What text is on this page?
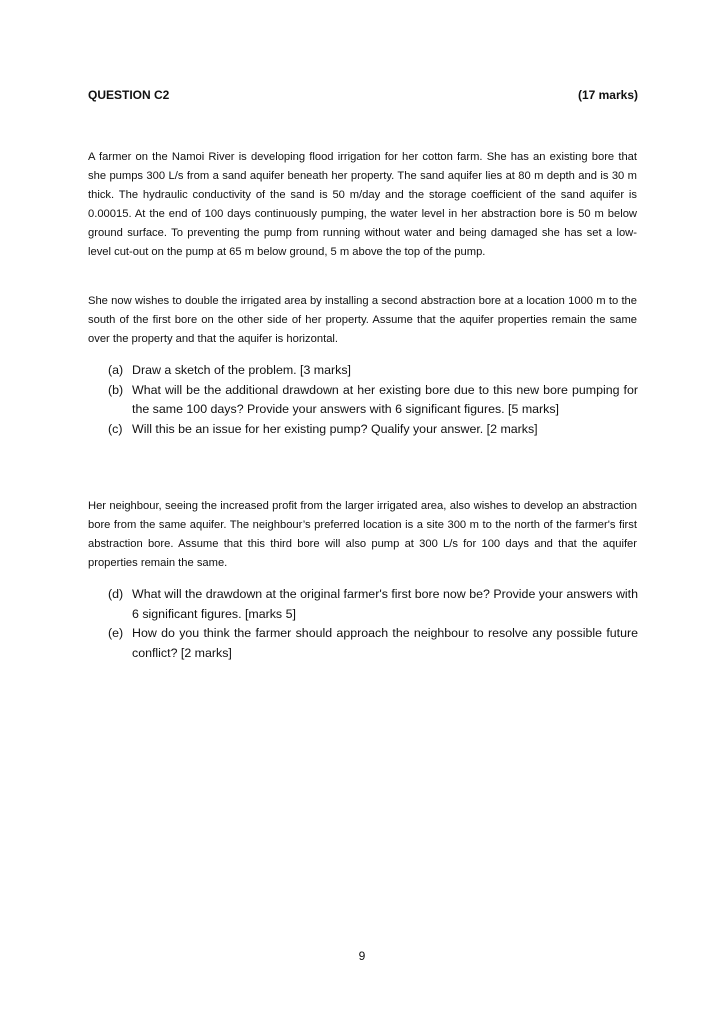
QUESTION C2	(17 marks)

A farmer on the Namoi River is developing flood irrigation for her cotton farm. She has an existing bore that she pumps 300 L/s from a sand aquifer beneath her property. The sand aquifer lies at 80 m depth and is 30 m thick. The hydraulic conductivity of the sand is 50 m/day and the storage coefficient of the sand aquifer is 0.00015. At the end of 100 days continuously pumping, the water level in her abstraction bore is 50 m below ground surface. To preventing the pump from running without water and being damaged she has set a low-level cut-out on the pump at 65 m below ground, 5 m above the top of the pump.

She now wishes to double the irrigated area by installing a second abstraction bore at a location 1000 m to the south of the first bore on the other side of her property. Assume that the aquifer properties remain the same over the property and that the aquifer is horizontal.

(a) Draw a sketch of the problem. [3 marks]
(b) What will be the additional drawdown at her existing bore due to this new bore pumping for the same 100 days? Provide your answers with 6 significant figures. [5 marks]
(c) Will this be an issue for her existing pump? Qualify your answer. [2 marks]

Her neighbour, seeing the increased profit from the larger irrigated area, also wishes to develop an abstraction bore from the same aquifer. The neighbour’s preferred location is a site 300 m to the north of the farmer's first abstraction bore. Assume that this third bore will also pump at 300 L/s for 100 days and that the aquifer properties remain the same.

(d) What will the drawdown at the original farmer's first bore now be? Provide your answers with 6 significant figures. [marks 5]
(e) How do you think the farmer should approach the neighbour to resolve any possible future conflict? [2 marks]
9
